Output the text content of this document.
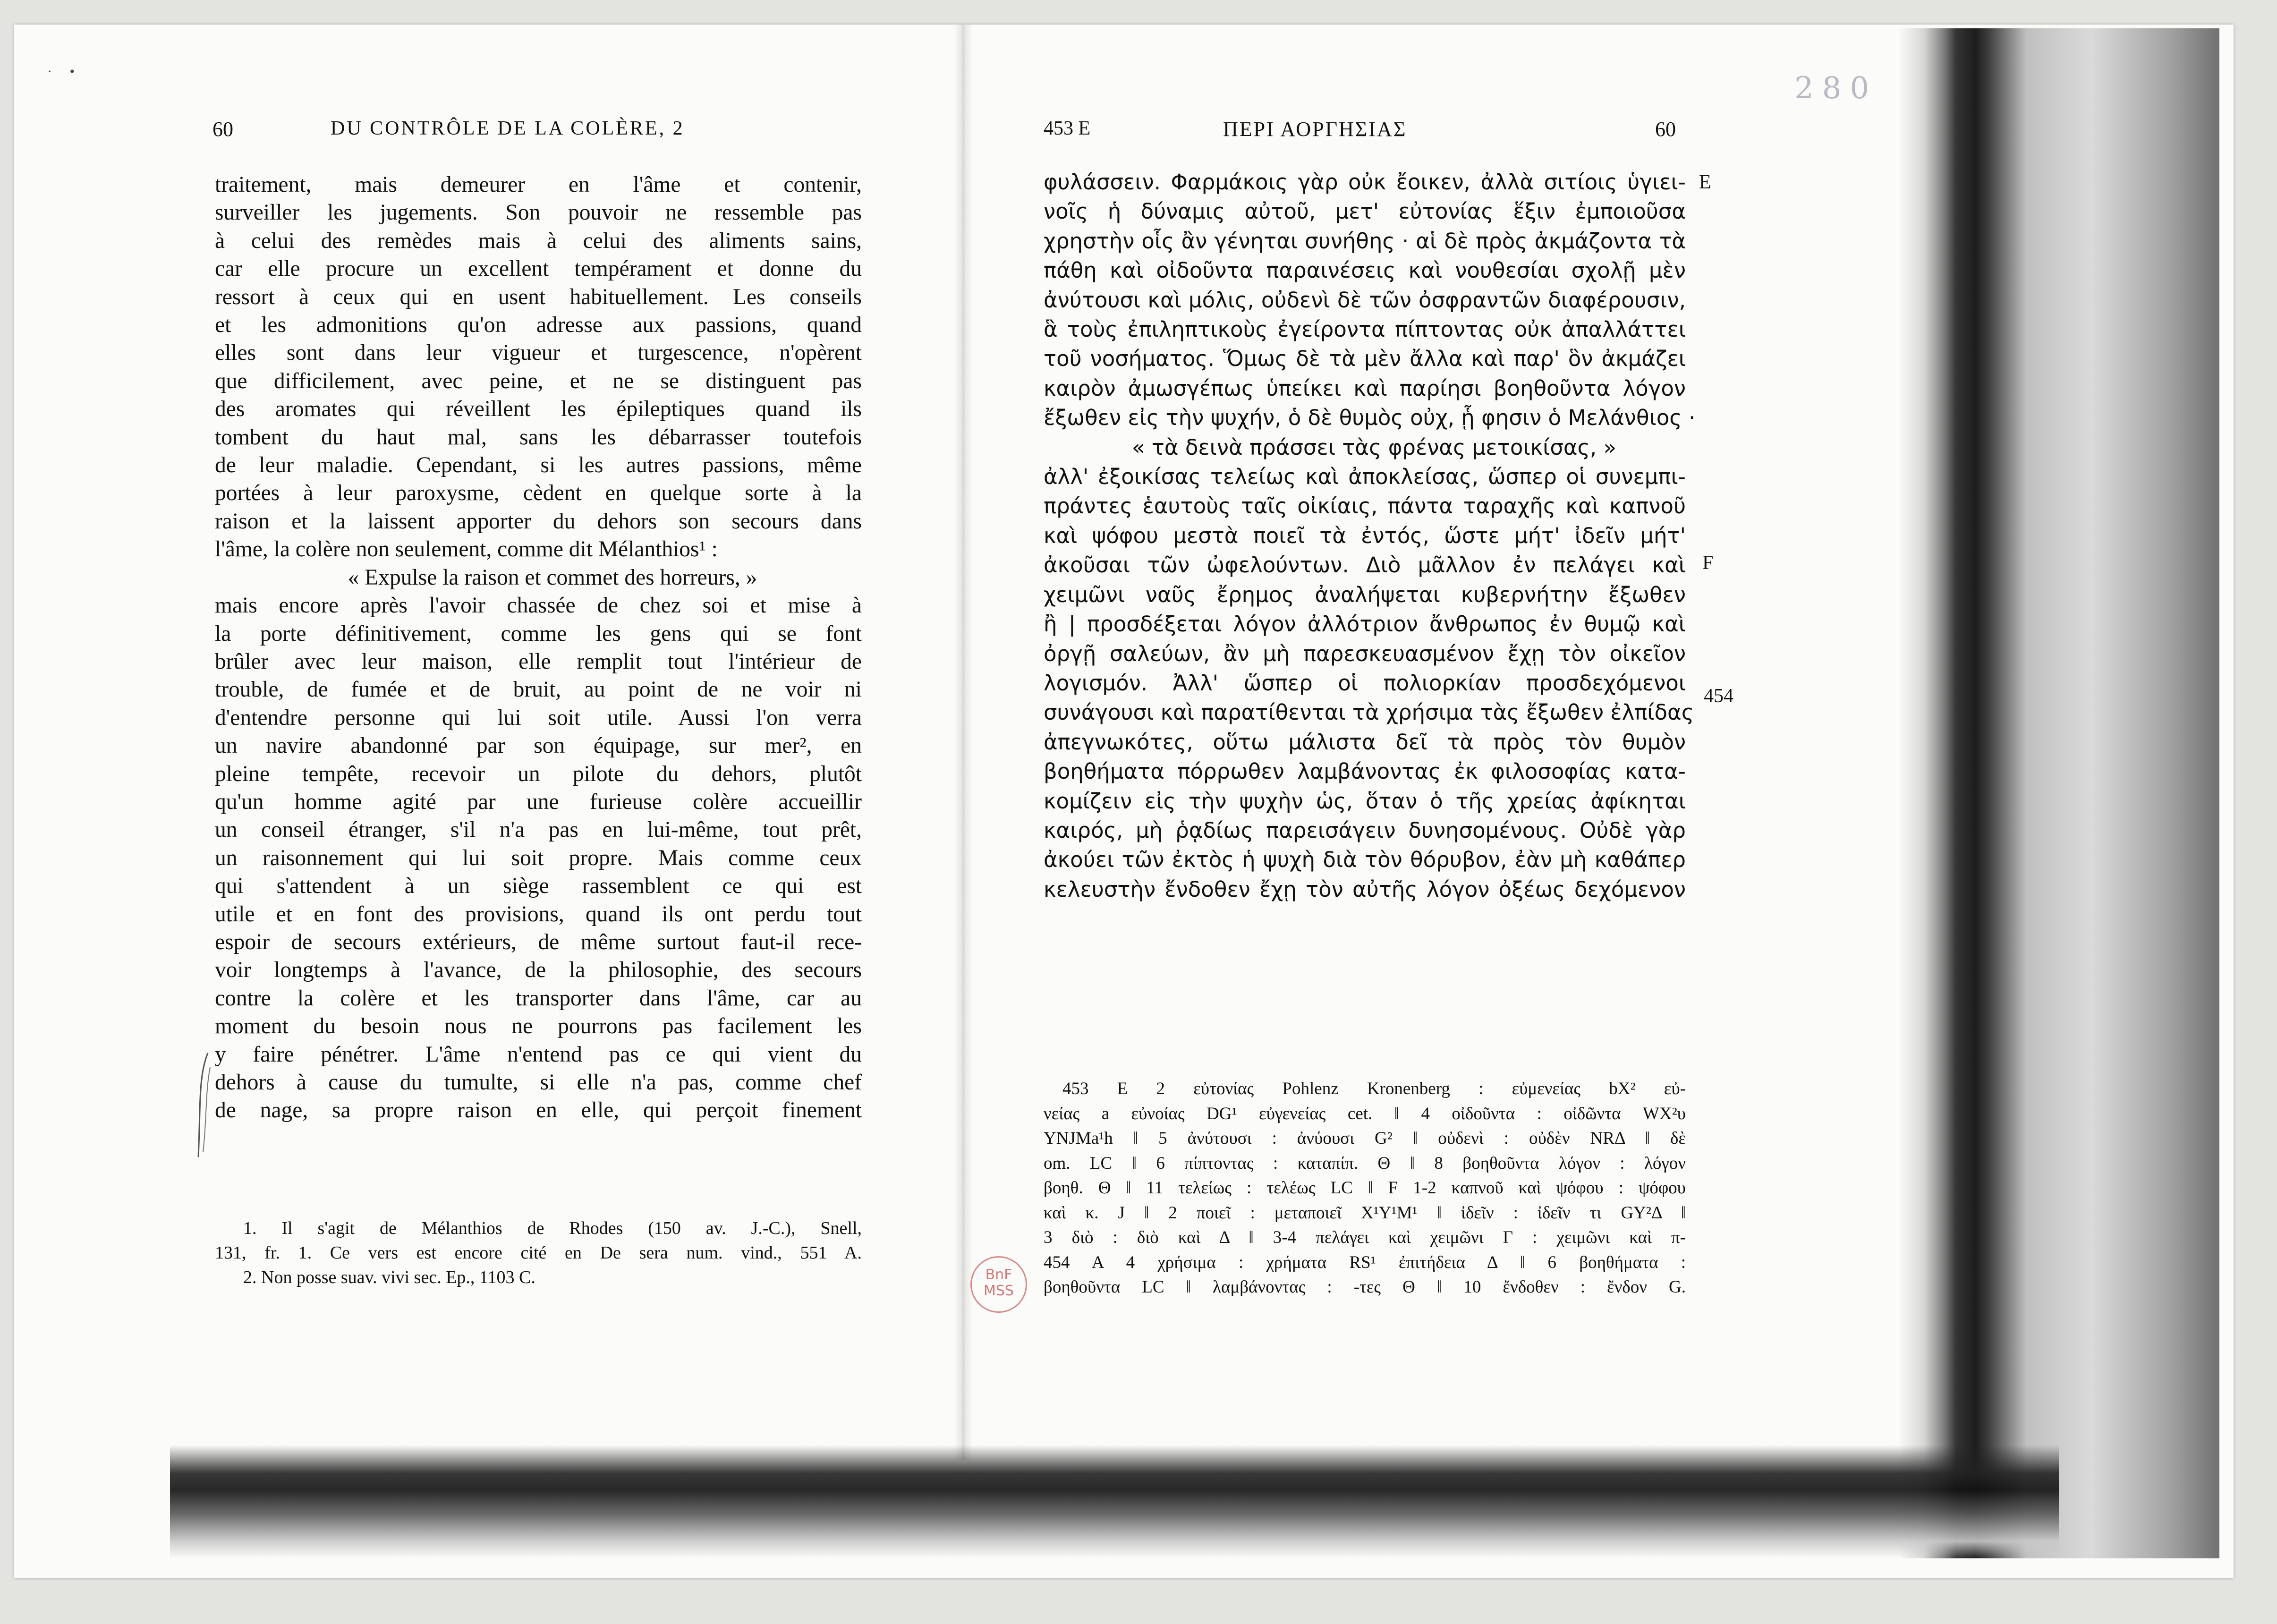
·     •	280
60	DU CONTRÔLE DE LA COLÈRE, 2	453 E	ΠΕΡΙ ΑΟΡΓΗΣΙΑΣ	60
traitement, mais demeurer en l'âme et contenir,
surveiller les jugements. Son pouvoir ne ressemble pas
à celui des remèdes mais à celui des aliments sains,
car elle procure un excellent tempérament et donne du
ressort à ceux qui en usent habituellement. Les conseils
et les admonitions qu'on adresse aux passions, quand
elles sont dans leur vigueur et turgescence, n'opèrent
que difficilement, avec peine, et ne se distinguent pas
des aromates qui réveillent les épileptiques quand ils
tombent du haut mal, sans les débarrasser toutefois
de leur maladie. Cependant, si les autres passions, même
portées à leur paroxysme, cèdent en quelque sorte à la
raison et la laissent apporter du dehors son secours dans
l'âme, la colère non seulement, comme dit Mélanthios¹ :
« Expulse la raison et commet des horreurs, »
mais encore après l'avoir chassée de chez soi et mise à
la porte définitivement, comme les gens qui se font
brûler avec leur maison, elle remplit tout l'intérieur de
trouble, de fumée et de bruit, au point de ne voir ni
d'entendre personne qui lui soit utile. Aussi l'on verra
un navire abandonné par son équipage, sur mer², en
pleine tempête, recevoir un pilote du dehors, plutôt
qu'un homme agité par une furieuse colère accueillir
un conseil étranger, s'il n'a pas en lui-même, tout prêt,
un raisonnement qui lui soit propre. Mais comme ceux
qui s'attendent à un siège rassemblent ce qui est
utile et en font des provisions, quand ils ont perdu tout
espoir de secours extérieurs, de même surtout faut-il rece-
voir longtemps à l'avance, de la philosophie, des secours
contre la colère et les transporter dans l'âme, car au
moment du besoin nous ne pourrons pas facilement les
y faire pénétrer. L'âme n'entend pas ce qui vient du
dehors à cause du tumulte, si elle n'a pas, comme chef
de nage, sa propre raison en elle, qui perçoit finement
φυλάσσειν. Φαρμάκοις γὰρ οὐκ ἔοικεν, ἀλλὰ σιτίοις ὑγιει-
νοῖς ἡ δύναμις αὐτοῦ, μετ' εὐτονίας ἕξιν ἐμποιοῦσα
χρηστὴν οἷς ἂν γένηται συνήθης · αἱ δὲ πρὸς ἀκμάζοντα τὰ
πάθη καὶ οἰδοῦντα παραινέσεις καὶ νουθεσίαι σχολῇ μὲν
ἀνύτουσι καὶ μόλις, οὐδενὶ δὲ τῶν ὀσφραντῶν διαφέρουσιν,
ἃ τοὺς ἐπιληπτικοὺς ἐγείροντα πίπτοντας οὐκ ἀπαλλάττει
τοῦ νοσήματος. Ὅμως δὲ τὰ μὲν ἄλλα καὶ παρ' ὃν ἀκμάζει
καιρὸν ἀμωσγέπως ὑπείκει καὶ παρίησι βοηθοῦντα λόγον
ἔξωθεν εἰς τὴν ψυχήν, ὁ δὲ θυμὸς οὐχ, ᾗ φησιν ὁ Μελάνθιος ·
« τὰ δεινὰ πράσσει τὰς φρένας μετοικίσας, »
ἀλλ' ἐξοικίσας τελείως καὶ ἀποκλείσας, ὥσπερ οἱ συνεμπι-
πράντες ἑαυτοὺς ταῖς οἰκίαις, πάντα ταραχῆς καὶ καπνοῦ
καὶ ψόφου μεστὰ ποιεῖ τὰ ἐντός, ὥστε μήτ' ἰδεῖν μήτ'
ἀκοῦσαι τῶν ὠφελούντων. Διὸ μᾶλλον ἐν πελάγει καὶ
χειμῶνι ναῦς ἔρημος ἀναλήψεται κυβερνήτην ἔξωθεν
ἢ | προσδέξεται λόγον ἀλλότριον ἄνθρωπος ἐν θυμῷ καὶ
ὀργῇ σαλεύων, ἂν μὴ παρεσκευασμένον ἔχῃ τὸν οἰκεῖον
λογισμόν. Ἀλλ' ὥσπερ οἱ πολιορκίαν προσδεχόμενοι
συνάγουσι καὶ παρατίθενται τὰ χρήσιμα τὰς ἔξωθεν ἐλπίδας
ἀπεγνωκότες, οὕτω μάλιστα δεῖ τὰ πρὸς τὸν θυμὸν
βοηθήματα πόρρωθεν λαμβάνοντας ἐκ φιλοσοφίας κατα-
κομίζειν εἰς τὴν ψυχὴν ὡς, ὅταν ὁ τῆς χρείας ἀφίκηται
καιρός, μὴ ῥᾳδίως παρεισάγειν δυνησομένους. Οὐδὲ γὰρ
ἀκούει τῶν ἐκτὸς ἡ ψυχὴ διὰ τὸν θόρυβον, ἐὰν μὴ καθάπερ
κελευστὴν ἔνδοθεν ἔχῃ τὸν αὐτῆς λόγον ὀξέως δεχόμενον
E
F
454
1. Il s'agit de Mélanthios de Rhodes (150 av. J.-C.), Snell,
131, fr. 1. Ce vers est encore cité en De sera num. vind., 551 A.
2. Non posse suav. vivi sec. Ep., 1103 C.
453 E 2 εὐτονίας Pohlenz Kronenberg : εὐμενείας bX² εὐ-
νείας a εὐνοίας DG¹ εὐγενείας cet. ‖ 4 οἰδοῦντα : οἰδῶντα WX²υ
YNJMa¹h ‖ 5 ἀνύτουσι : ἀνύουσι G² ‖ οὐδενὶ : οὐδὲν NRΔ ‖ δὲ
om. LC ‖ 6 πίπτοντας : καταπίπ. Θ ‖ 8 βοηθοῦντα λόγον : λόγον
βοηθ. Θ ‖ 11 τελείως : τελέως LC ‖ F 1-2 καπνοῦ καὶ ψόφου : ψόφου
καὶ κ. J ‖ 2 ποιεῖ : μεταποιεῖ X¹Y¹M¹ ‖ ἰδεῖν : ἰδεῖν τι GY²Δ ‖
3 διὸ : διὸ καὶ Δ ‖ 3-4 πελάγει καὶ χειμῶνι Γ : χειμῶνι καὶ π-
454 A 4 χρήσιμα : χρήματα RS¹ ἐπιτήδεια Δ ‖ 6 βοηθήματα :
βοηθοῦντα LC ‖ λαμβάνοντας : -τες Θ ‖ 10 ἔνδοθεν : ἔνδον G.
BnF
MSS
